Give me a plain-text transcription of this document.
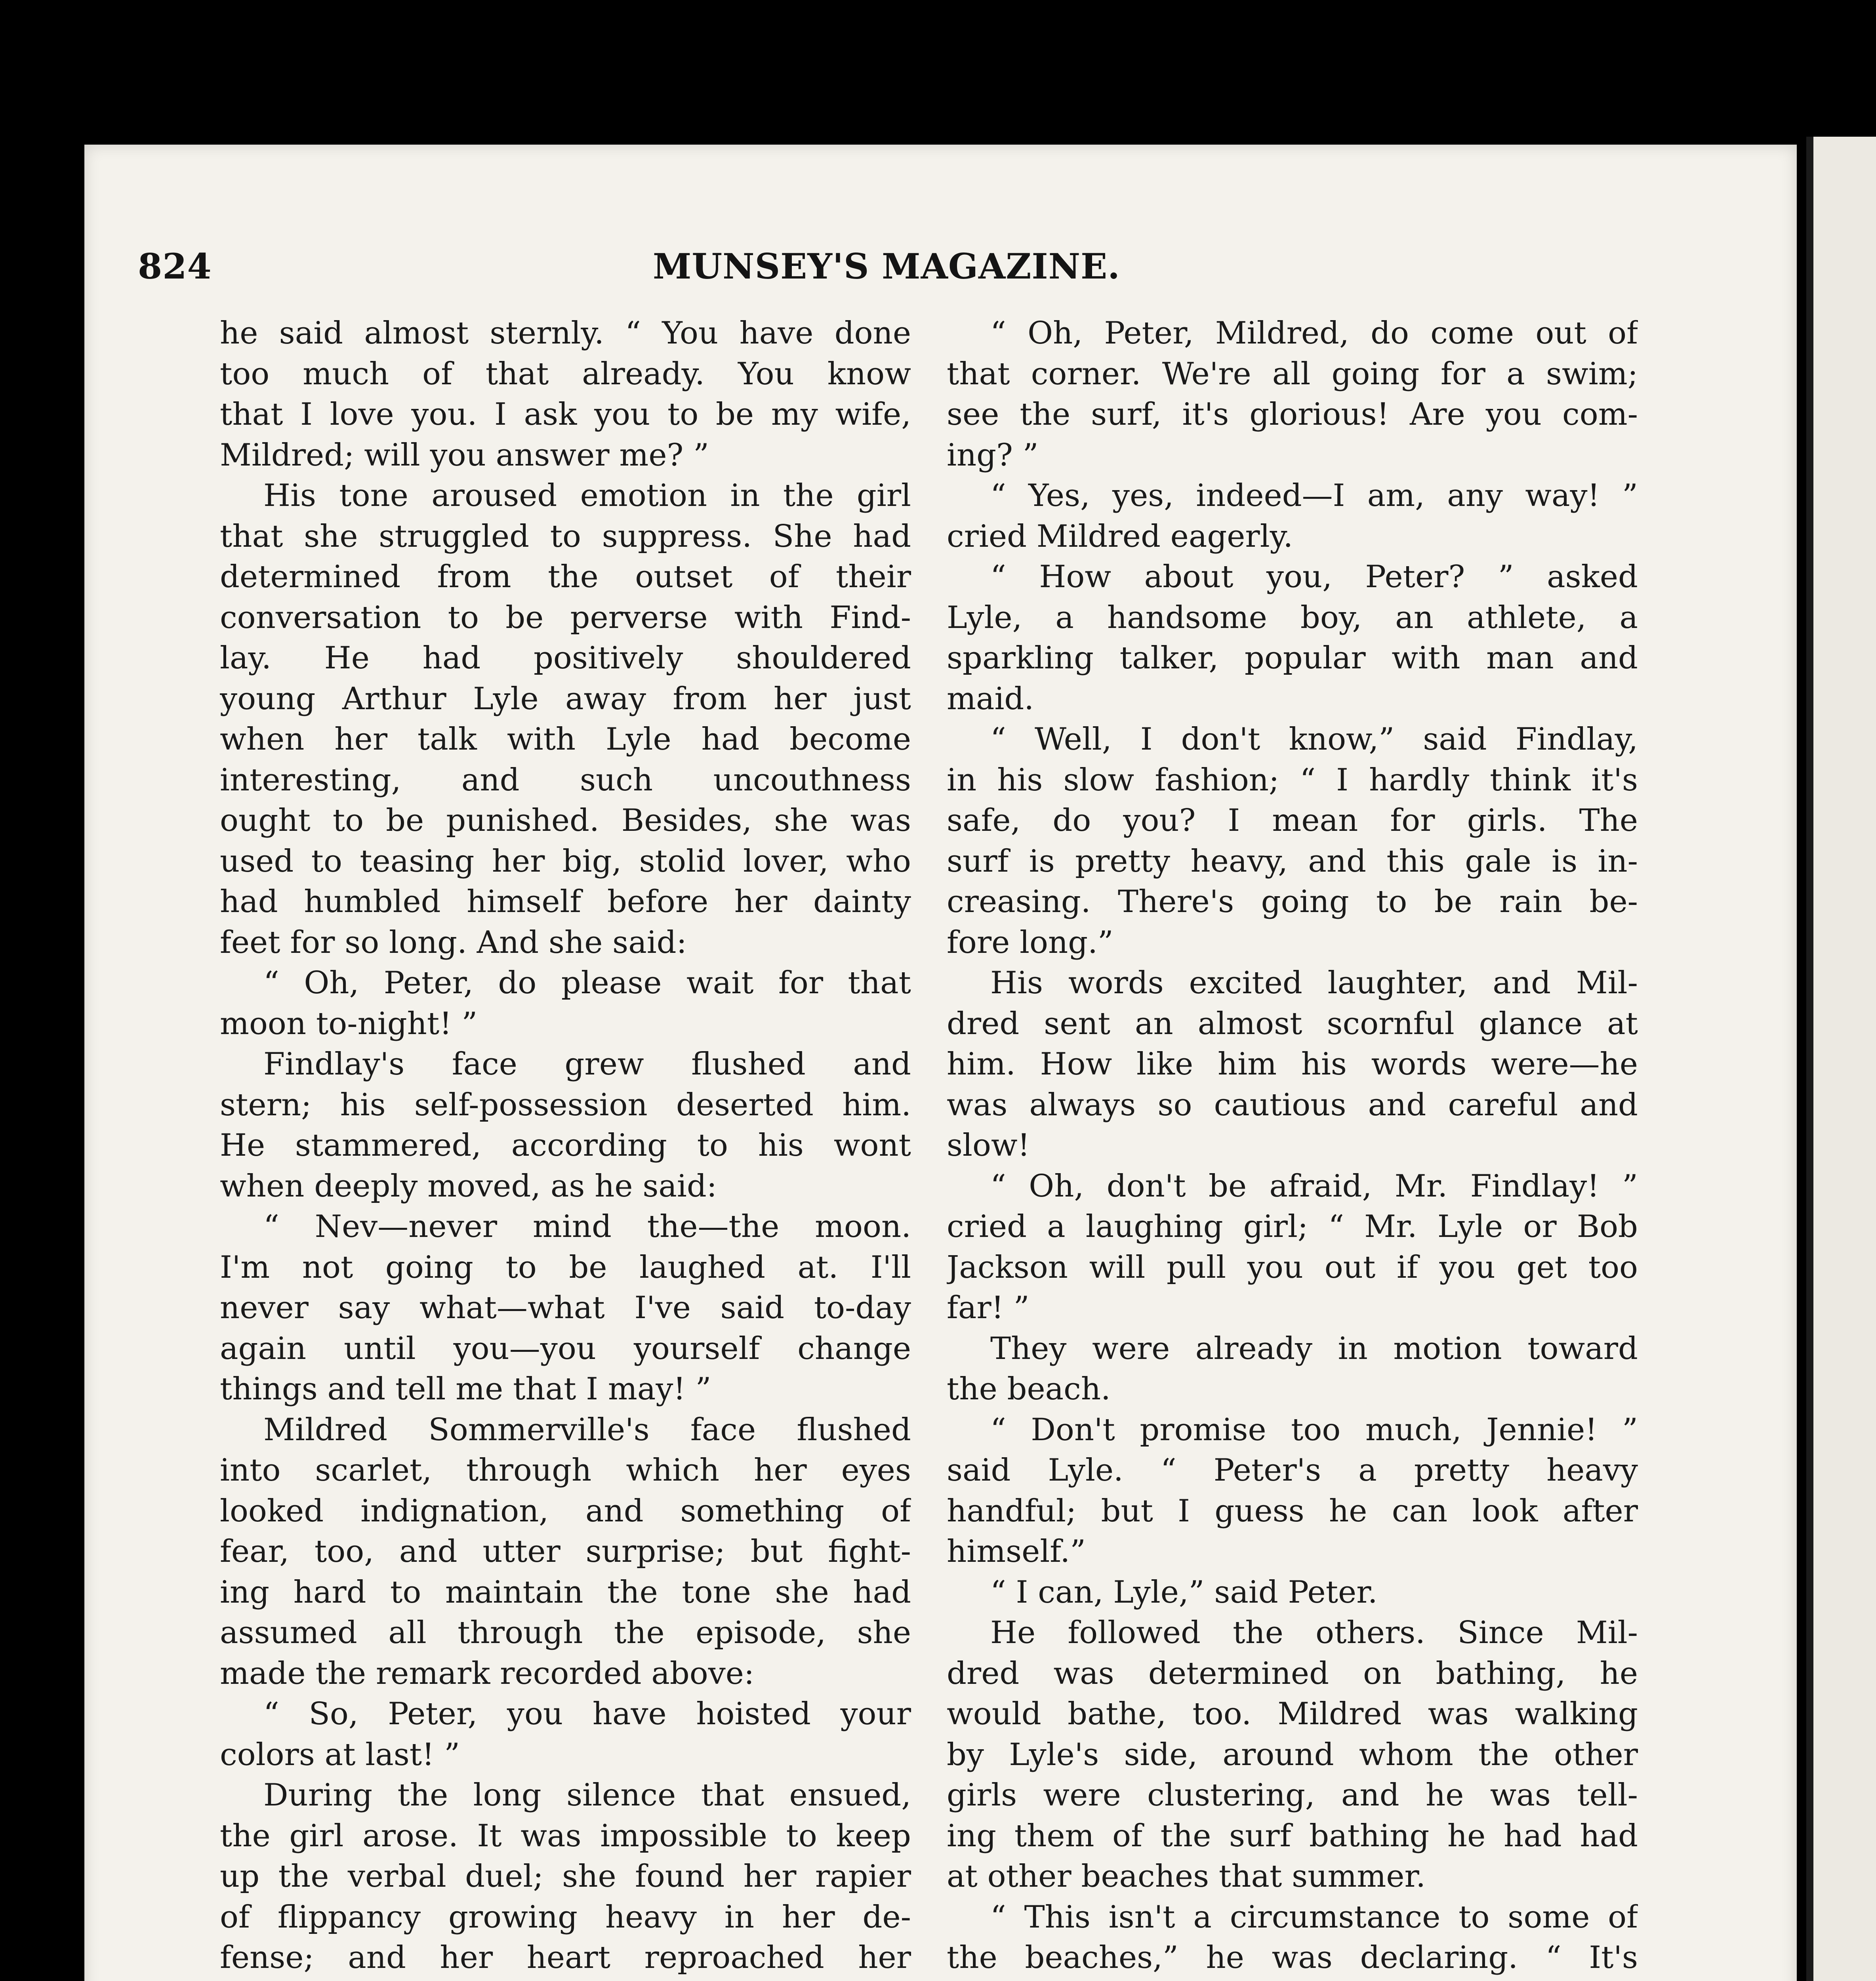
824	MUNSEY'S MAGAZINE.
he said almost sternly. “ You have done
too much of that already. You know
that I love you. I ask you to be my wife,
Mildred; will you answer me? ”
His tone aroused emotion in the girl
that she struggled to suppress. She had
determined from the outset of their
conversation to be perverse with Find-
lay. He had positively shouldered
young Arthur Lyle away from her just
when her talk with Lyle had become
interesting, and such uncouthness
ought to be punished. Besides, she was
used to teasing her big, stolid lover, who
had humbled himself before her dainty
feet for so long. And she said:
“ Oh, Peter, do please wait for that
moon to-night! ”
Findlay's face grew flushed and
stern; his self-possession deserted him.
He stammered, according to his wont
when deeply moved, as he said:
“ Nev—never mind the—the moon.
I'm not going to be laughed at. I'll
never say what—what I've said to-day
again until you—you yourself change
things and tell me that I may! ”
Mildred Sommerville's face flushed
into scarlet, through which her eyes
looked indignation, and something of
fear, too, and utter surprise; but fight-
ing hard to maintain the tone she had
assumed all through the episode, she
made the remark recorded above:
“ So, Peter, you have hoisted your
colors at last! ”
During the long silence that ensued,
the girl arose. It was impossible to keep
up the verbal duel; she found her rapier
of flippancy growing heavy in her de-
fense; and her heart reproached her
“ Oh, Peter, Mildred, do come out of
that corner. We're all going for a swim;
see the surf, it's glorious! Are you com-
ing? ”
“ Yes, yes, indeed—I am, any way! ”
cried Mildred eagerly.
“ How about you, Peter? ” asked
Lyle, a handsome boy, an athlete, a
sparkling talker, popular with man and
maid.
“ Well, I don't know,” said Findlay,
in his slow fashion; “ I hardly think it's
safe, do you? I mean for girls. The
surf is pretty heavy, and this gale is in-
creasing. There's going to be rain be-
fore long.”
His words excited laughter, and Mil-
dred sent an almost scornful glance at
him. How like him his words were—he
was always so cautious and careful and
slow!
“ Oh, don't be afraid, Mr. Findlay! ”
cried a laughing girl; “ Mr. Lyle or Bob
Jackson will pull you out if you get too
far! ”
They were already in motion toward
the beach.
“ Don't promise too much, Jennie! ”
said Lyle. “ Peter's a pretty heavy
handful; but I guess he can look after
himself.”
“ I can, Lyle,” said Peter.
He followed the others. Since Mil-
dred was determined on bathing, he
would bathe, too. Mildred was walking
by Lyle's side, around whom the other
girls were clustering, and he was tell-
ing them of the surf bathing he had had
at other beaches that summer.
“ This isn't a circumstance to some of
the beaches,” he was declaring. “ It's
